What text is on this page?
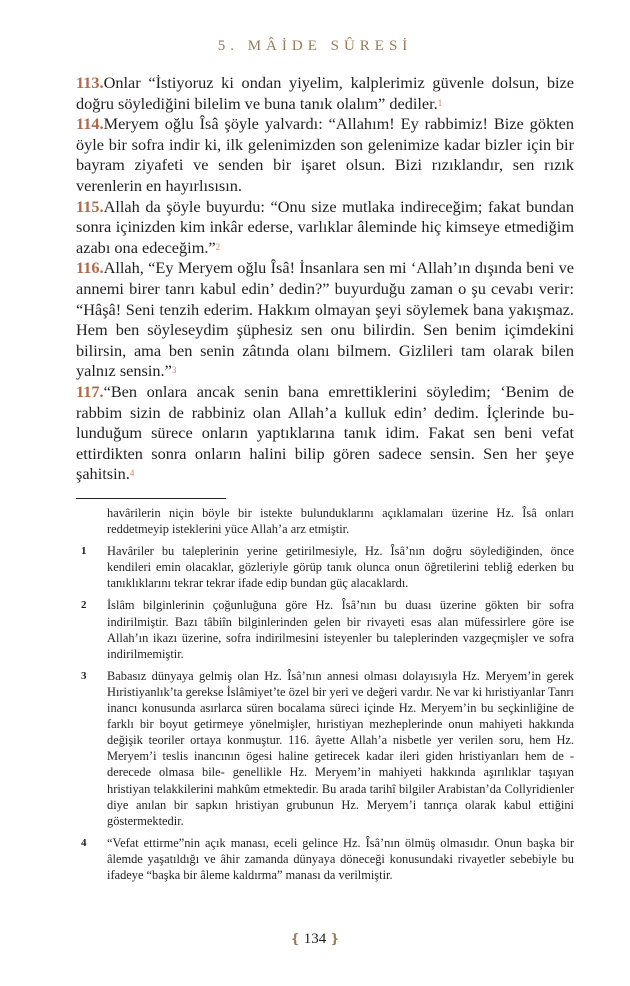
5. MÂİDE SÛRESİ

113.Onlar “İstiyoruz ki ondan yiyelim, kalplerimiz güvenle dolsun, bize doğru söylediğini bilelim ve buna tanık olalım” dediler.$^1$

114.Meryem oğlu Îsâ şöyle yalvardı: “Allahım! Ey rabbimiz! Bize gökten öyle bir sofra indir ki, ilk gelenimizden son gelenimize kadar bizler için bir bayram ziyafeti ve senden bir işaret olsun. Bizi rızıklandır, sen rızık verenlerin en hayırlısısın.

115.Allah da şöyle buyurdu: “Onu size mutlaka indireceğim; fakat bundan sonra içinizden kim inkâr ederse, varlıklar âleminde hiç kimseye etmediğim azabı ona edeceğim.”$^2$

116.Allah, “Ey Meryem oğlu Îsâ! İnsanlara sen mi ‘Allah’ın dışında beni ve annemi birer tanrı kabul edin’ dedin?” buyurduğu zaman o şu cevabı verir: “Hâşâ! Seni tenzih ederim. Hakkım olmayan şeyi söylemek bana yakışmaz. Hem ben söyleseydim şüphesiz sen onu bilirdin. Sen benim içimdekini bilirsin, ama ben senin zâtında olanı bilmem. Gizlileri tam olarak bilen yalnız sensin.”$^3$

117.“Ben onlara ancak senin bana emrettiklerini söyledim; ‘Benim de rabbim sizin de rabbiniz olan Allah’a kulluk edin’ dedim. İçlerinde bulunduğum sürece onların yaptıklarına tanık idim. Fakat sen beni vefat ettirdikten sonra onların halini bilip gören sadece sensin. Sen her şeye şahitsin.$^4$

havârilerin niçin böyle bir istekte bulunduklarını açıklamaları üzerine Hz. Îsâ onları reddetmeyip isteklerini yüce Allah’a arz etmiştir.

1 Havâriler bu taleplerinin yerine getirilmesiyle, Hz. Îsâ’nın doğru söylediğinden, önce kendileri emin olacaklar, gözleriyle görüp tanık olunca onun öğretilerini tebliğ ederken bu tanıklıklarını tekrar tekrar ifade edip bundan güç alacaklardı.

2 İslâm bilginlerinin çoğunluğuna göre Hz. Îsâ’nın bu duası üzerine gökten bir sofra indirilmiştir. Bazı tâbiîn bilginlerinden gelen bir rivayeti esas alan müfessirlere göre ise Allah’ın ikazı üzerine, sofra indirilmesini isteyenler bu taleplerinden vazgeçmişler ve sofra indirilmemiştir.

3 Babasız dünyaya gelmiş olan Hz. Îsâ’nın annesi olması dolayısıyla Hz. Meryem’in gerek Hıristiyanlık’ta gerekse İslâmiyet’te özel bir yeri ve değeri vardır. Ne var ki hıristiyanlar Tanrı inancı konusunda asırlarca süren bocalama süreci içinde Hz. Meryem’in bu seçkinliğine de farklı bir boyut getirmeye yönelmişler, hıristiyan mezheplerinde onun mahiyeti hakkında değişik teoriler ortaya konmuştur. 116. âyette Allah’a nisbetle yer verilen soru, hem Hz. Meryem’i teslis inancının ögesi haline getirecek kadar ileri giden hristiyanları hem de -derecede olmasa bile- genellikle Hz. Meryem’in mahiyeti hakkında aşırılıklar taşıyan hristiyan telakkilerini mahkûm etmektedir. Bu arada tarihî bilgiler Arabistan’da Collyridienler diye anılan bir sapkın hristiyan grubunun Hz. Meryem’i tanrıça olarak kabul ettiğini göstermektedir.

4 “Vefat ettirme”nin açık manası, eceli gelince Hz. Îsâ’nın ölmüş olmasıdır. Onun başka bir âlemde yaşatıldığı ve âhir zamanda dünyaya döneceği konusundaki rivayetler sebebiyle bu ifadeye “başka bir âleme kaldırma” manası da verilmiştir.

❴ 134 ❵
